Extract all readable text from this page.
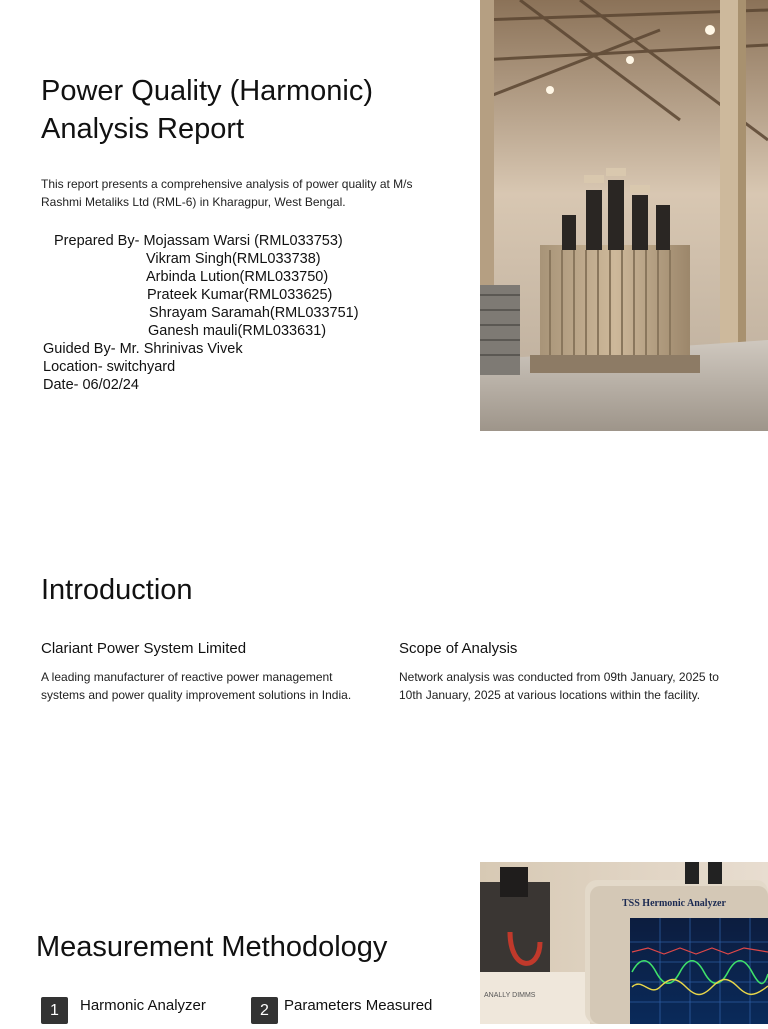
Power Quality (Harmonic)
Analysis Report

This report presents a comprehensive analysis of power quality at M/s
Rashmi Metaliks Ltd (RML-6) in Kharagpur, West Bengal.

Prepared By- Mojassam Warsi (RML033753)
Vikram Singh(RML033738)
Arbinda Lution(RML033750)
Prateek Kumar(RML033625)
Shrayam Saramah(RML033751)
Ganesh mauli(RML033631)
Guided By- Mr. Shrinivas Vivek
Location- switchyard
Date- 06/02/24
Introduction
Clariant Power System Limited
A leading manufacturer of reactive power management
systems and power quality improvement solutions in India.
Scope of Analysis
Network analysis was conducted from 09th January, 2025 to
10th January, 2025 at various locations within the facility.
Measurement Methodology
1	Harmonic Analyzer	2	Parameters Measured
ANALLY DIMMS
TSS Hermonic Analyzer
